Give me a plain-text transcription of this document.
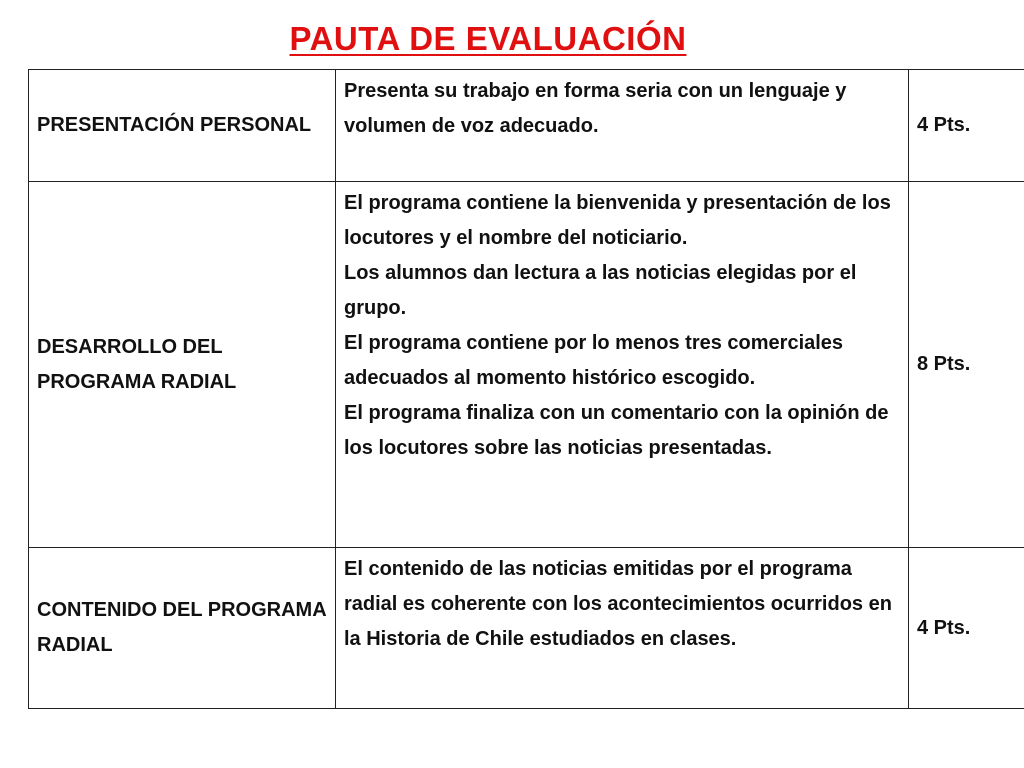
PAUTA DE EVALUACIÓN
PRESENTACIÓN PERSONAL	Presenta su trabajo en forma seria con un lenguaje y volumen de voz adecuado.	4 Pts.
DESARROLLO DEL PROGRAMA RADIAL	El programa contiene la bienvenida y presentación de los locutores y el nombre del noticiario.
Los alumnos dan lectura a las noticias elegidas por el grupo.
El programa contiene por lo menos tres comerciales adecuados al momento histórico escogido.
El programa finaliza con un comentario con la opinión de los locutores sobre las noticias presentadas.	8 Pts.
CONTENIDO DEL PROGRAMA RADIAL	El contenido de las noticias emitidas por el programa radial es coherente con los acontecimientos ocurridos en la Historia de Chile estudiados en clases.	4 Pts.
